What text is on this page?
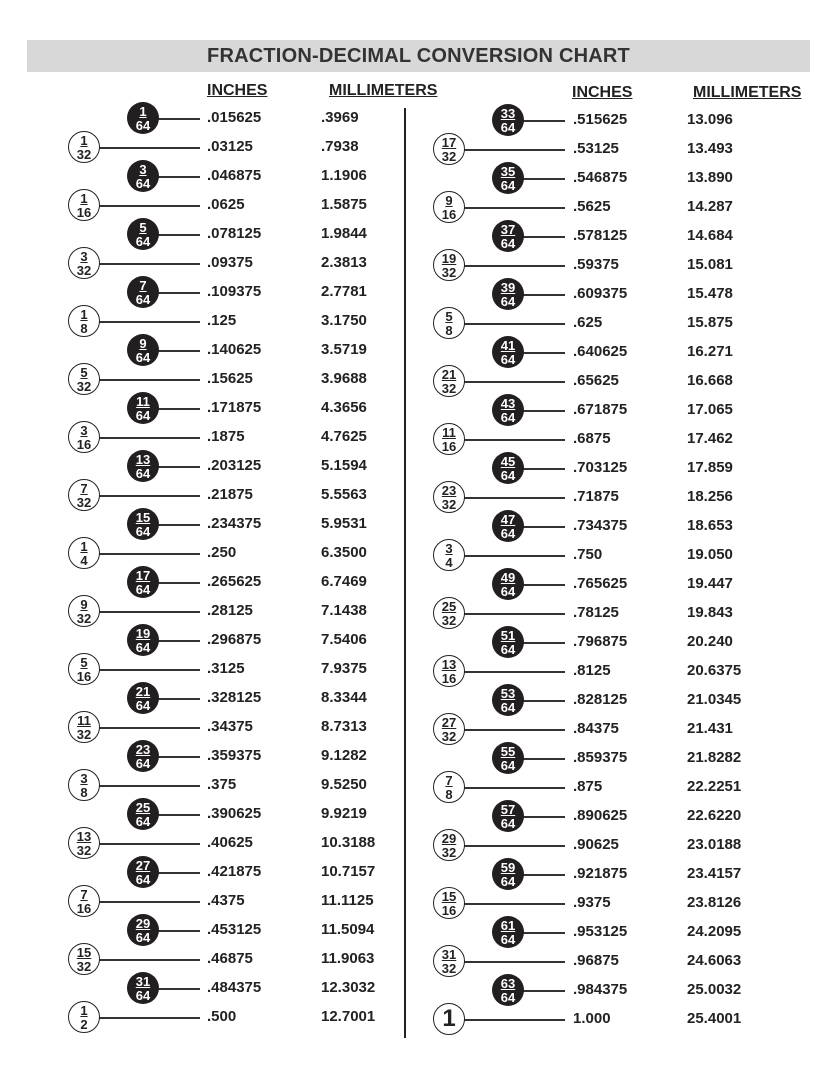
FRACTION-DECIMAL CONVERSION CHART
INCHES	MILLIMETERS	INCHES	MILLIMETERS
$\frac{1}{64}$	.015625	.3969
$\frac{1}{32}$	.03125	.7938
$\frac{3}{64}$	.046875	1.1906
$\frac{1}{16}$	.0625	1.5875
$\frac{5}{64}$	.078125	1.9844
$\frac{3}{32}$	.09375	2.3813
$\frac{7}{64}$	.109375	2.7781
$\frac{1}{8}$	.125	3.1750
$\frac{9}{64}$	.140625	3.5719
$\frac{5}{32}$	.15625	3.9688
$\frac{11}{64}$	.171875	4.3656
$\frac{3}{16}$	.1875	4.7625
$\frac{13}{64}$	.203125	5.1594
$\frac{7}{32}$	.21875	5.5563
$\frac{15}{64}$	.234375	5.9531
$\frac{1}{4}$	.250	6.3500
$\frac{17}{64}$	.265625	6.7469
$\frac{9}{32}$	.28125	7.1438
$\frac{19}{64}$	.296875	7.5406
$\frac{5}{16}$	.3125	7.9375
$\frac{21}{64}$	.328125	8.3344
$\frac{11}{32}$	.34375	8.7313
$\frac{23}{64}$	.359375	9.1282
$\frac{3}{8}$	.375	9.5250
$\frac{25}{64}$	.390625	9.9219
$\frac{13}{32}$	.40625	10.3188
$\frac{27}{64}$	.421875	10.7157
$\frac{7}{16}$	.4375	11.1125
$\frac{29}{64}$	.453125	11.5094
$\frac{15}{32}$	.46875	11.9063
$\frac{31}{64}$	.484375	12.3032
$\frac{1}{2}$	.500	12.7001
$\frac{33}{64}$	.515625	13.096
$\frac{17}{32}$	.53125	13.493
$\frac{35}{64}$	.546875	13.890
$\frac{9}{16}$	.5625	14.287
$\frac{37}{64}$	.578125	14.684
$\frac{19}{32}$	.59375	15.081
$\frac{39}{64}$	.609375	15.478
$\frac{5}{8}$	.625	15.875
$\frac{41}{64}$	.640625	16.271
$\frac{21}{32}$	.65625	16.668
$\frac{43}{64}$	.671875	17.065
$\frac{11}{16}$	.6875	17.462
$\frac{45}{64}$	.703125	17.859
$\frac{23}{32}$	.71875	18.256
$\frac{47}{64}$	.734375	18.653
$\frac{3}{4}$	.750	19.050
$\frac{49}{64}$	.765625	19.447
$\frac{25}{32}$	.78125	19.843
$\frac{51}{64}$	.796875	20.240
$\frac{13}{16}$	.8125	20.6375
$\frac{53}{64}$	.828125	21.0345
$\frac{27}{32}$	.84375	21.431
$\frac{55}{64}$	.859375	21.8282
$\frac{7}{8}$	.875	22.2251
$\frac{57}{64}$	.890625	22.6220
$\frac{29}{32}$	.90625	23.0188
$\frac{59}{64}$	.921875	23.4157
$\frac{15}{16}$	.9375	23.8126
$\frac{61}{64}$	.953125	24.2095
$\frac{31}{32}$	.96875	24.6063
$\frac{63}{64}$	.984375	25.0032
1	1.000	25.4001
